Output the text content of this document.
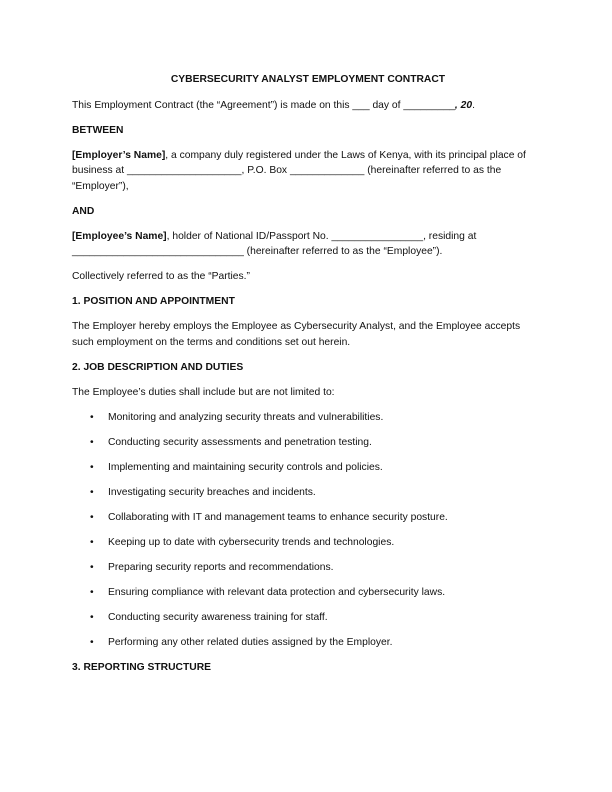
CYBERSECURITY ANALYST EMPLOYMENT CONTRACT

This Employment Contract (the “Agreement”) is made on this ___ day of _________, 20.

BETWEEN

[Employer’s Name], a company duly registered under the Laws of Kenya, with its principal place of business at ____________________, P.O. Box _____________ (hereinafter referred to as the “Employer”),

AND

[Employee’s Name], holder of National ID/Passport No. ________________, residing at ______________________________ (hereinafter referred to as the “Employee”).

Collectively referred to as the “Parties.”

1. POSITION AND APPOINTMENT

The Employer hereby employs the Employee as Cybersecurity Analyst, and the Employee accepts such employment on the terms and conditions set out herein.

2. JOB DESCRIPTION AND DUTIES

The Employee’s duties shall include but are not limited to:

• Monitoring and analyzing security threats and vulnerabilities.
• Conducting security assessments and penetration testing.
• Implementing and maintaining security controls and policies.
• Investigating security breaches and incidents.
• Collaborating with IT and management teams to enhance security posture.
• Keeping up to date with cybersecurity trends and technologies.
• Preparing security reports and recommendations.
• Ensuring compliance with relevant data protection and cybersecurity laws.
• Conducting security awareness training for staff.
• Performing any other related duties assigned by the Employer.

3. REPORTING STRUCTURE
